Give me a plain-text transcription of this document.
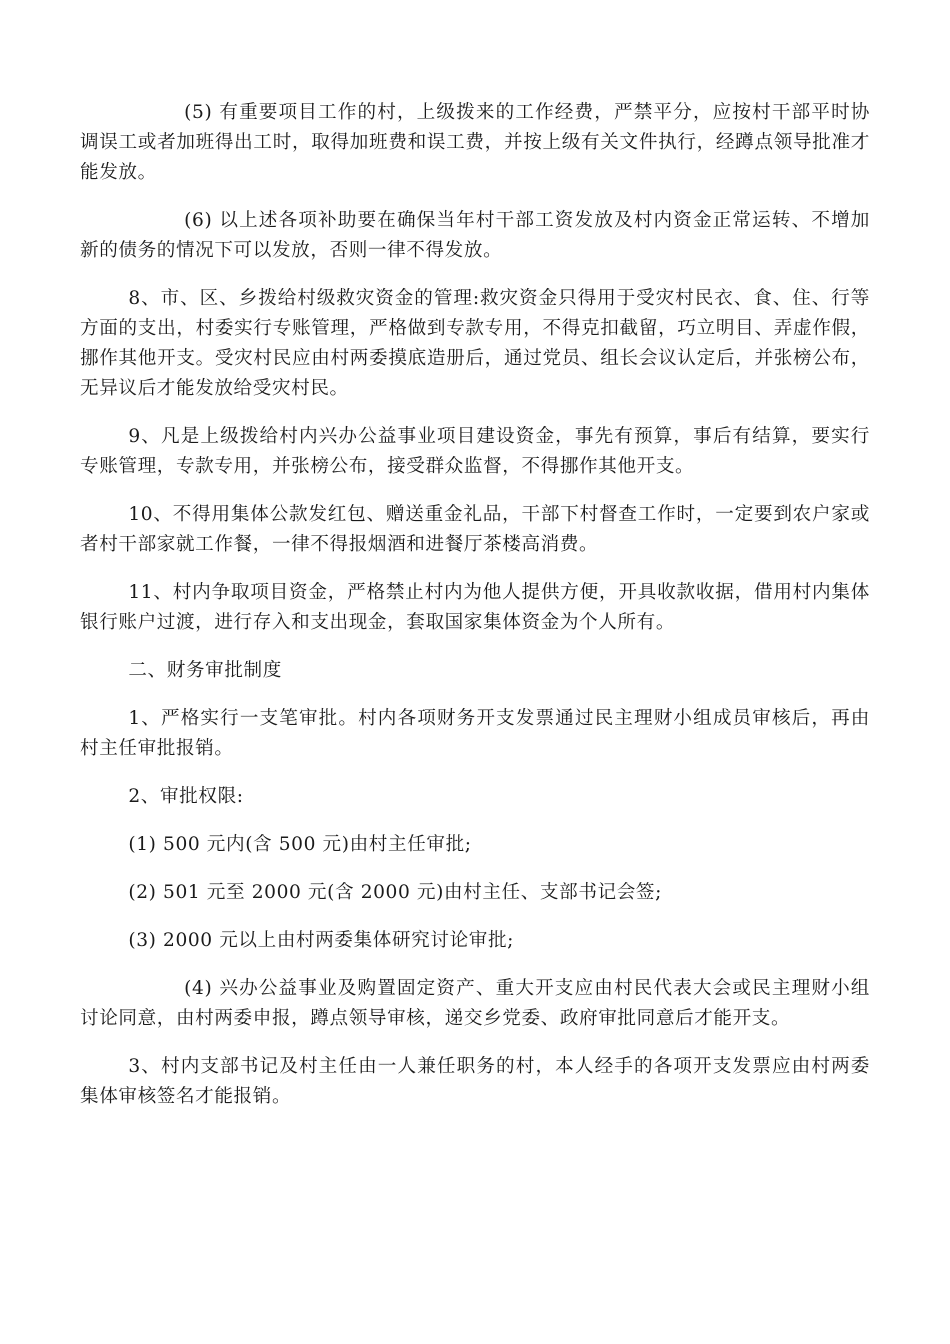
(5) 有重要项目工作的村，上级拨来的工作经费，严禁平分，应按村干部平时协调误工或者加班得出工时，取得加班费和误工费，并按上级有关文件执行，经蹲点领导批准才能发放。

(6) 以上述各项补助要在确保当年村干部工资发放及村内资金正常运转、不增加新的债务的情况下可以发放，否则一律不得发放。

8、市、区、乡拨给村级救灾资金的管理:救灾资金只得用于受灾村民衣、食、住、行等方面的支出，村委实行专账管理，严格做到专款专用，不得克扣截留，巧立明目、弄虚作假，挪作其他开支。受灾村民应由村两委摸底造册后，通过党员、组长会议认定后，并张榜公布，无异议后才能发放给受灾村民。

9、凡是上级拨给村内兴办公益事业项目建设资金，事先有预算，事后有结算，要实行专账管理，专款专用，并张榜公布，接受群众监督，不得挪作其他开支。

10、不得用集体公款发红包、赠送重金礼品，干部下村督查工作时，一定要到农户家或者村干部家就工作餐，一律不得报烟酒和进餐厅茶楼高消费。

11、村内争取项目资金，严格禁止村内为他人提供方便，开具收款收据，借用村内集体银行账户过渡，进行存入和支出现金，套取国家集体资金为个人所有。

二、财务审批制度

1、严格实行一支笔审批。村内各项财务开支发票通过民主理财小组成员审核后，再由村主任审批报销。

2、审批权限:

(1) 500 元内(含 500 元)由村主任审批;

(2) 501 元至 2000 元(含 2000 元)由村主任、支部书记会签;

(3) 2000 元以上由村两委集体研究讨论审批;

(4) 兴办公益事业及购置固定资产、重大开支应由村民代表大会或民主理财小组讨论同意，由村两委申报，蹲点领导审核，递交乡党委、政府审批同意后才能开支。

3、村内支部书记及村主任由一人兼任职务的村，本人经手的各项开支发票应由村两委集体审核签名才能报销。
